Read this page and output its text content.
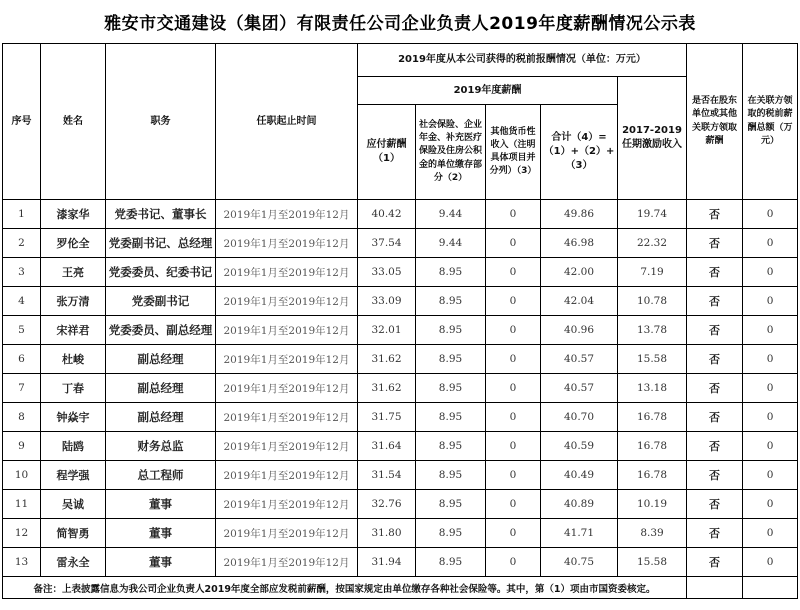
雅安市交通建设（集团）有限责任公司企业负责人2019年度薪酬情况公示表
序号	姓名	职务	任职起止时间	2019年度从本公司获得的税前报酬情况（单位：万元）					是否在股东单位或其他关联方领取薪酬	在关联方领取的税前薪酬总额（万元）
				2019年度薪酬				2017-2019任期激励收入		
				应付薪酬（1）	社会保险、企业年金、补充医疗保险及住房公积金的单位缴存部分（2）	其他货币性收入（注明具体项目并分列）（3）	合计（4）=（1）+（2）+（3）			
1	漆家华	党委书记、董事长	2019年1月至2019年12月	40.42	9.44	0	49.86	19.74	否	0
2	罗伦全	党委副书记、总经理	2019年1月至2019年12月	37.54	9.44	0	46.98	22.32	否	0
3	王亮	党委委员、纪委书记	2019年1月至2019年12月	33.05	8.95	0	42.00	7.19	否	0
4	张万清	党委副书记	2019年1月至2019年12月	33.09	8.95	0	42.04	10.78	否	0
5	宋祥君	党委委员、副总经理	2019年1月至2019年12月	32.01	8.95	0	40.96	13.78	否	0
6	杜峻	副总经理	2019年1月至2019年12月	31.62	8.95	0	40.57	15.58	否	0
7	丁春	副总经理	2019年1月至2019年12月	31.62	8.95	0	40.57	13.18	否	0
8	钟焱宇	副总经理	2019年1月至2019年12月	31.75	8.95	0	40.70	16.78	否	0
9	陆鸥	财务总监	2019年1月至2019年12月	31.64	8.95	0	40.59	16.78	否	0
10	程学强	总工程师	2019年1月至2019年12月	31.54	8.95	0	40.49	16.78	否	0
11	吴诚	董事	2019年1月至2019年12月	32.76	8.95	0	40.89	10.19	否	0
12	简智勇	董事	2019年1月至2019年12月	31.80	8.95	0	41.71	8.39	否	0
13	雷永全	董事	2019年1月至2019年12月	31.94	8.95	0	40.75	15.58	否	0
备注：上表披露信息为我公司企业负责人2019年度全部应发税前薪酬，按国家规定由单位缴存各种社会保险等。其中，第（1）项由市国资委核定。										
